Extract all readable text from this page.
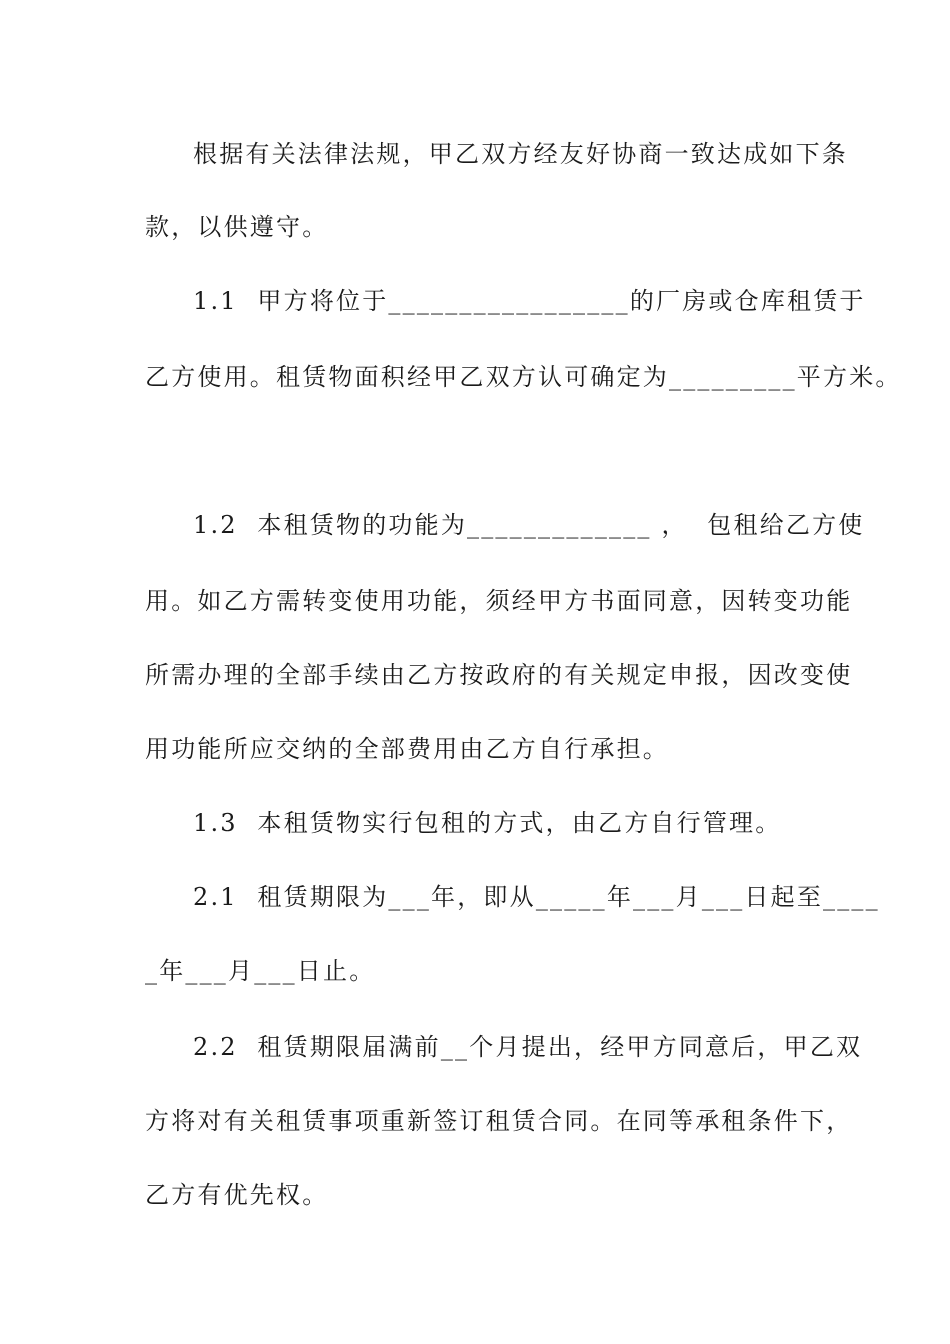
根据有关法律法规，甲乙双方经友好协商一致达成如下条
款，以供遵守。
1.1  甲方将位于_________________的厂房或仓库租赁于
乙方使用。租赁物面积经甲乙双方认可确定为_________平方米。
1.2  本租赁物的功能为_____________ ，  包租给乙方使
用。如乙方需转变使用功能，须经甲方书面同意，因转变功能
所需办理的全部手续由乙方按政府的有关规定申报，因改变使
用功能所应交纳的全部费用由乙方自行承担。
1.3  本租赁物实行包租的方式，由乙方自行管理。
2.1  租赁期限为___年，即从_____年___月___日起至____
_年___月___日止。
2.2  租赁期限届满前__个月提出，经甲方同意后，甲乙双
方将对有关租赁事项重新签订租赁合同。在同等承租条件下，
乙方有优先权。
